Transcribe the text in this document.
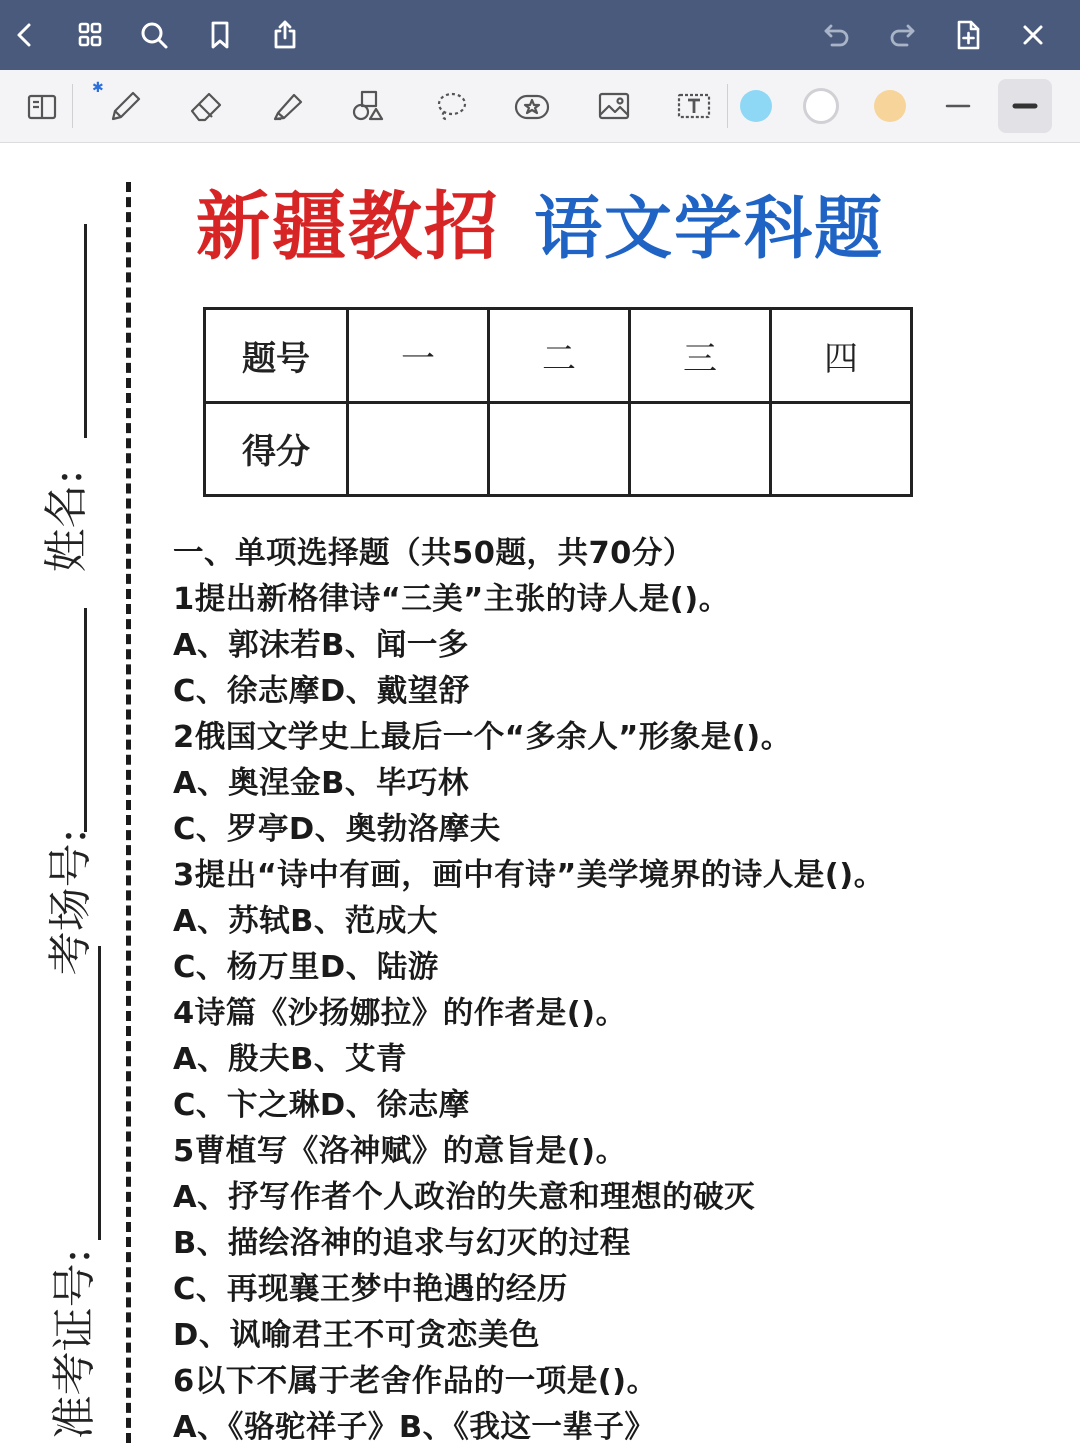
✱
姓名:
考场号:
准考证号:
新疆教招 语文学科题
题号	一	二	三	四
得分				
一、单项选择题（共50题，共70分）
1提出新格律诗“三美”主张的诗人是()。
A、郭沫若B、闻一多
C、徐志摩D、戴望舒
2俄国文学史上最后一个“多余人”形象是()。
A、奥涅金B、毕巧林
C、罗亭D、奥勃洛摩夫
3提出“诗中有画，画中有诗”美学境界的诗人是()。
A、苏轼B、范成大
C、杨万里D、陆游
4诗篇《沙扬娜拉》的作者是()。
A、殷夫B、艾青
C、卞之琳D、徐志摩
5曹植写《洛神赋》的意旨是()。
A、抒写作者个人政治的失意和理想的破灭
B、描绘洛神的追求与幻灭的过程
C、再现襄王梦中艳遇的经历
D、讽喻君王不可贪恋美色
6以下不属于老舍作品的一项是()。
A、《骆驼祥子》B、《我这一辈子》
